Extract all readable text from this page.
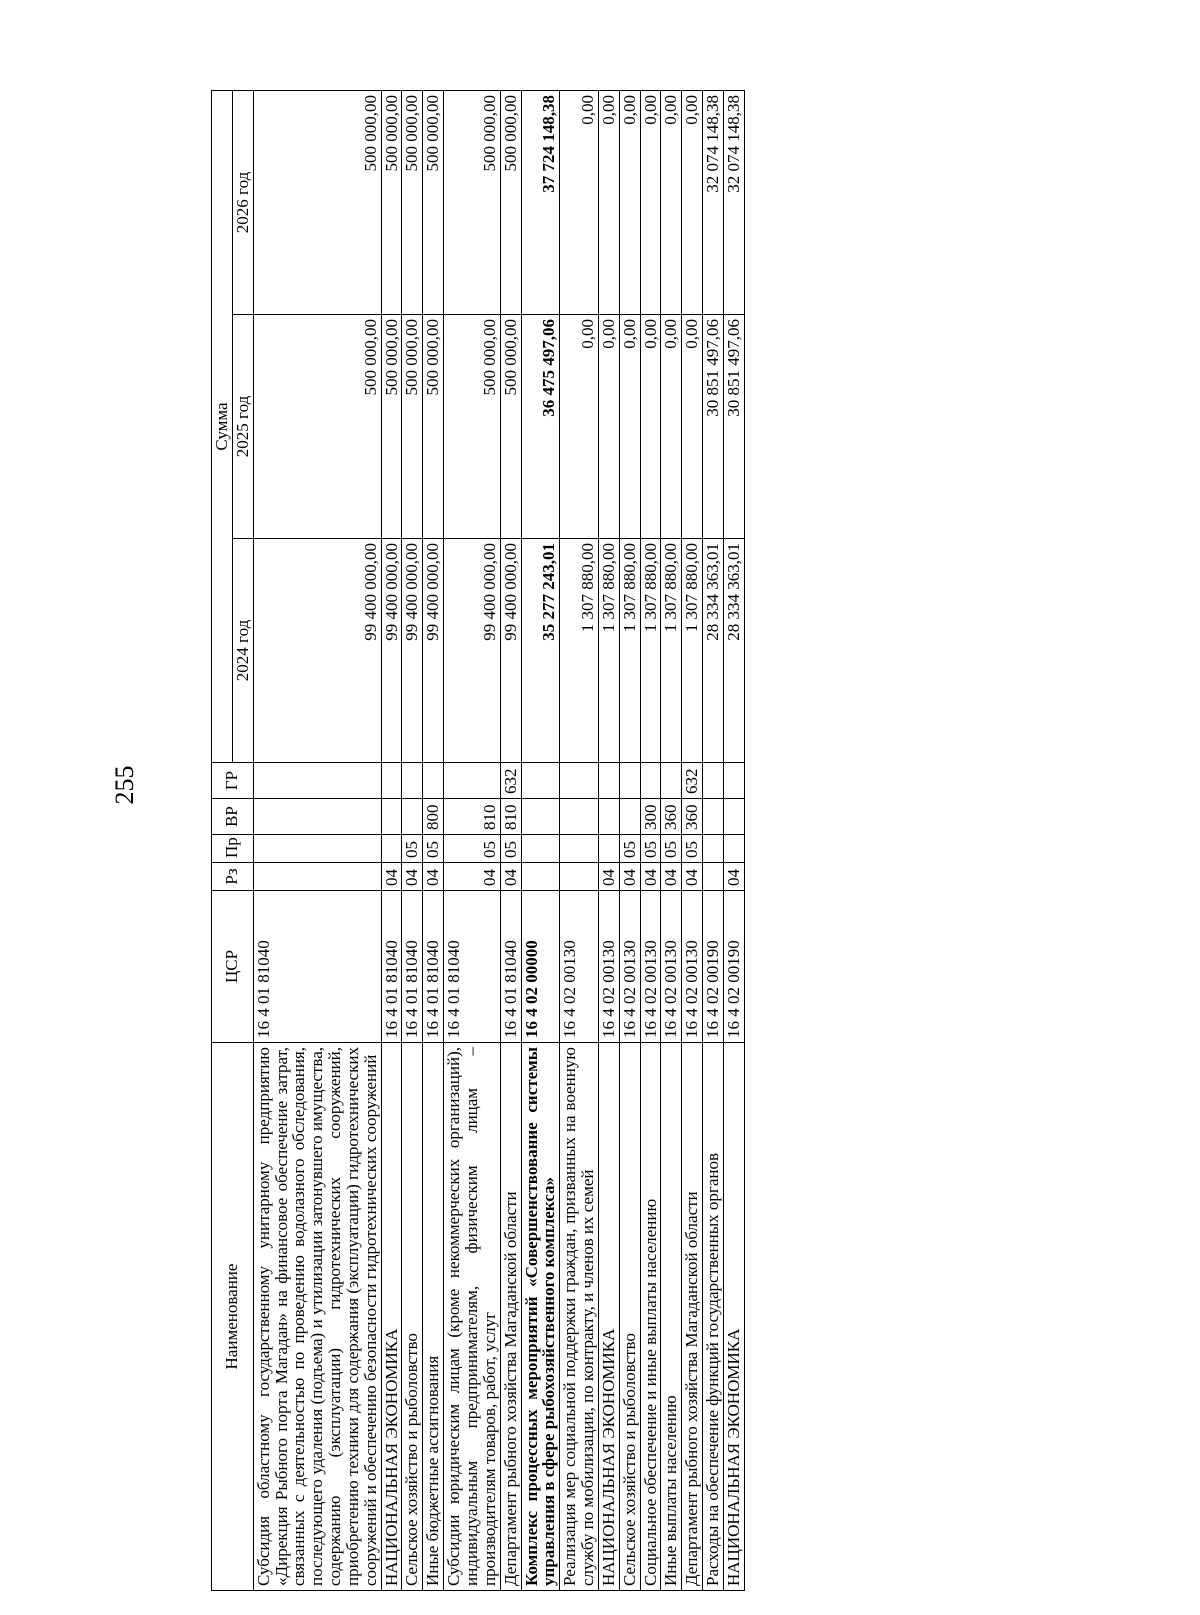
255
Наименование	ЦСР	Рз	Пр	ВР	ГР	Сумма		
						2024 год	2025 год	2026 год
Субсидия областному государственному унитарному предприятию «Дирекция Рыбного порта Магадан» на финансовое обеспечение затрат, связанных с деятельностью по проведению водолазного обследования, последующего удаления (подъема) и утилизации затонувшего имущества, содержанию (эксплуатации) гидротехнических сооружений, приобретению техники для содержания (эксплуатации) гидротехнических сооружений и обеспечению безопасности гидротехнических сооружений	16 4 01 81040					99 400 000,00	500 000,00	500 000,00
НАЦИОНАЛЬНАЯ ЭКОНОМИКА	16 4 01 81040	04				99 400 000,00	500 000,00	500 000,00
Сельское хозяйство и рыболовство	16 4 01 81040	04	05			99 400 000,00	500 000,00	500 000,00
Иные бюджетные ассигнования	16 4 01 81040	04	05	800		99 400 000,00	500 000,00	500 000,00
Субсидии юридическим лицам (кроме некоммерческих организаций), индивидуальным предпринимателям, физическим лицам – производителям товаров, работ, услуг	16 4 01 81040	04	05	810		99 400 000,00	500 000,00	500 000,00
Департамент рыбного хозяйства Магаданской области	16 4 01 81040	04	05	810	632	99 400 000,00	500 000,00	500 000,00
Комплекс процессных мероприятий «Совершенствование системы управления в сфере рыбохозяйственного комплекса»	16 4 02 00000					35 277 243,01	36 475 497,06	37 724 148,38
Реализация мер социальной поддержки граждан, призванных на военную службу по мобилизации, по контракту, и членов их семей	16 4 02 00130					1 307 880,00	0,00	0,00
НАЦИОНАЛЬНАЯ ЭКОНОМИКА	16 4 02 00130	04				1 307 880,00	0,00	0,00
Сельское хозяйство и рыболовство	16 4 02 00130	04	05			1 307 880,00	0,00	0,00
Социальное обеспечение и иные выплаты населению	16 4 02 00130	04	05	300		1 307 880,00	0,00	0,00
Иные выплаты населению	16 4 02 00130	04	05	360		1 307 880,00	0,00	0,00
Департамент рыбного хозяйства Магаданской области	16 4 02 00130	04	05	360	632	1 307 880,00	0,00	0,00
Расходы на обеспечение функций государственных органов	16 4 02 00190					28 334 363,01	30 851 497,06	32 074 148,38
НАЦИОНАЛЬНАЯ ЭКОНОМИКА	16 4 02 00190	04				28 334 363,01	30 851 497,06	32 074 148,38
